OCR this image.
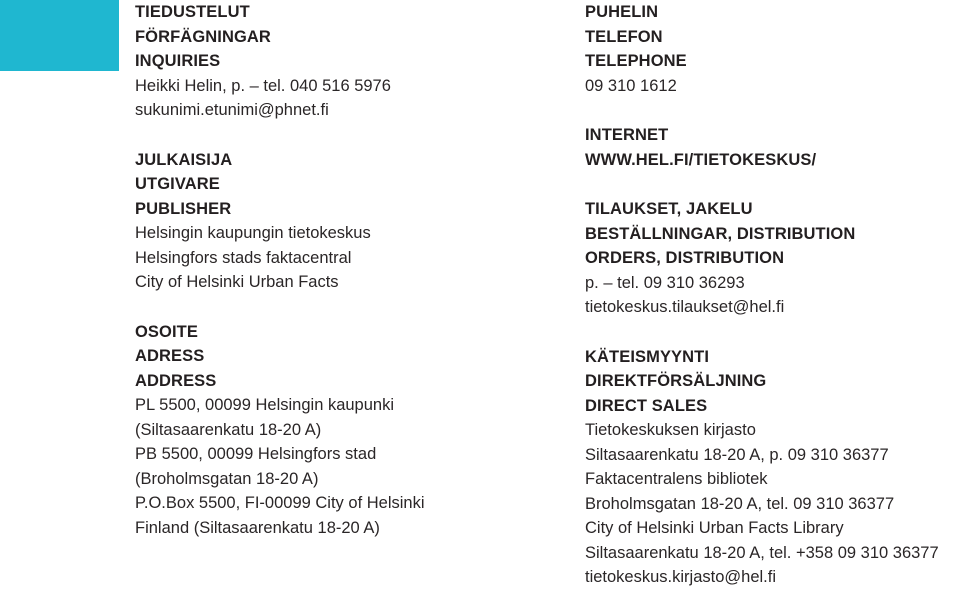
TIEDUSTELUT
FÖRFÄGNINGAR
INQUIRIES
Heikki Helin, p. – tel. 040 516 5976
sukunimi.etunimi@phnet.fi
JULKAISIJA
UTGIVARE
PUBLISHER
Helsingin kaupungin tietokeskus
Helsingfors stads faktacentral
City of Helsinki Urban Facts
OSOITE
ADRESS
ADDRESS
PL 5500, 00099 Helsingin kaupunki
(Siltasaarenkatu 18-20 A)
PB 5500, 00099 Helsingfors stad
(Broholmsgatan 18-20 A)
P.O.Box 5500, FI-00099 City of Helsinki
Finland (Siltasaarenkatu 18-20 A)
PUHELIN
TELEFON
TELEPHONE
09 310 1612
INTERNET
WWW.HEL.FI/TIETOKESKUS/
TILAUKSET, JAKELU
BESTÄLLNINGAR, DISTRIBUTION
ORDERS, DISTRIBUTION
p. – tel. 09 310 36293
tietokeskus.tilaukset@hel.fi
KÄTEISMYYNTI
DIREKTFÖRSÄLJNING
DIRECT SALES
Tietokeskuksen kirjasto
Siltasaarenkatu 18-20 A, p. 09 310 36377
Faktacentralens bibliotek
Broholmsgatan 18-20 A, tel. 09 310 36377
City of Helsinki Urban Facts Library
Siltasaarenkatu 18-20 A, tel. +358 09 310 36377
tietokeskus.kirjasto@hel.fi
